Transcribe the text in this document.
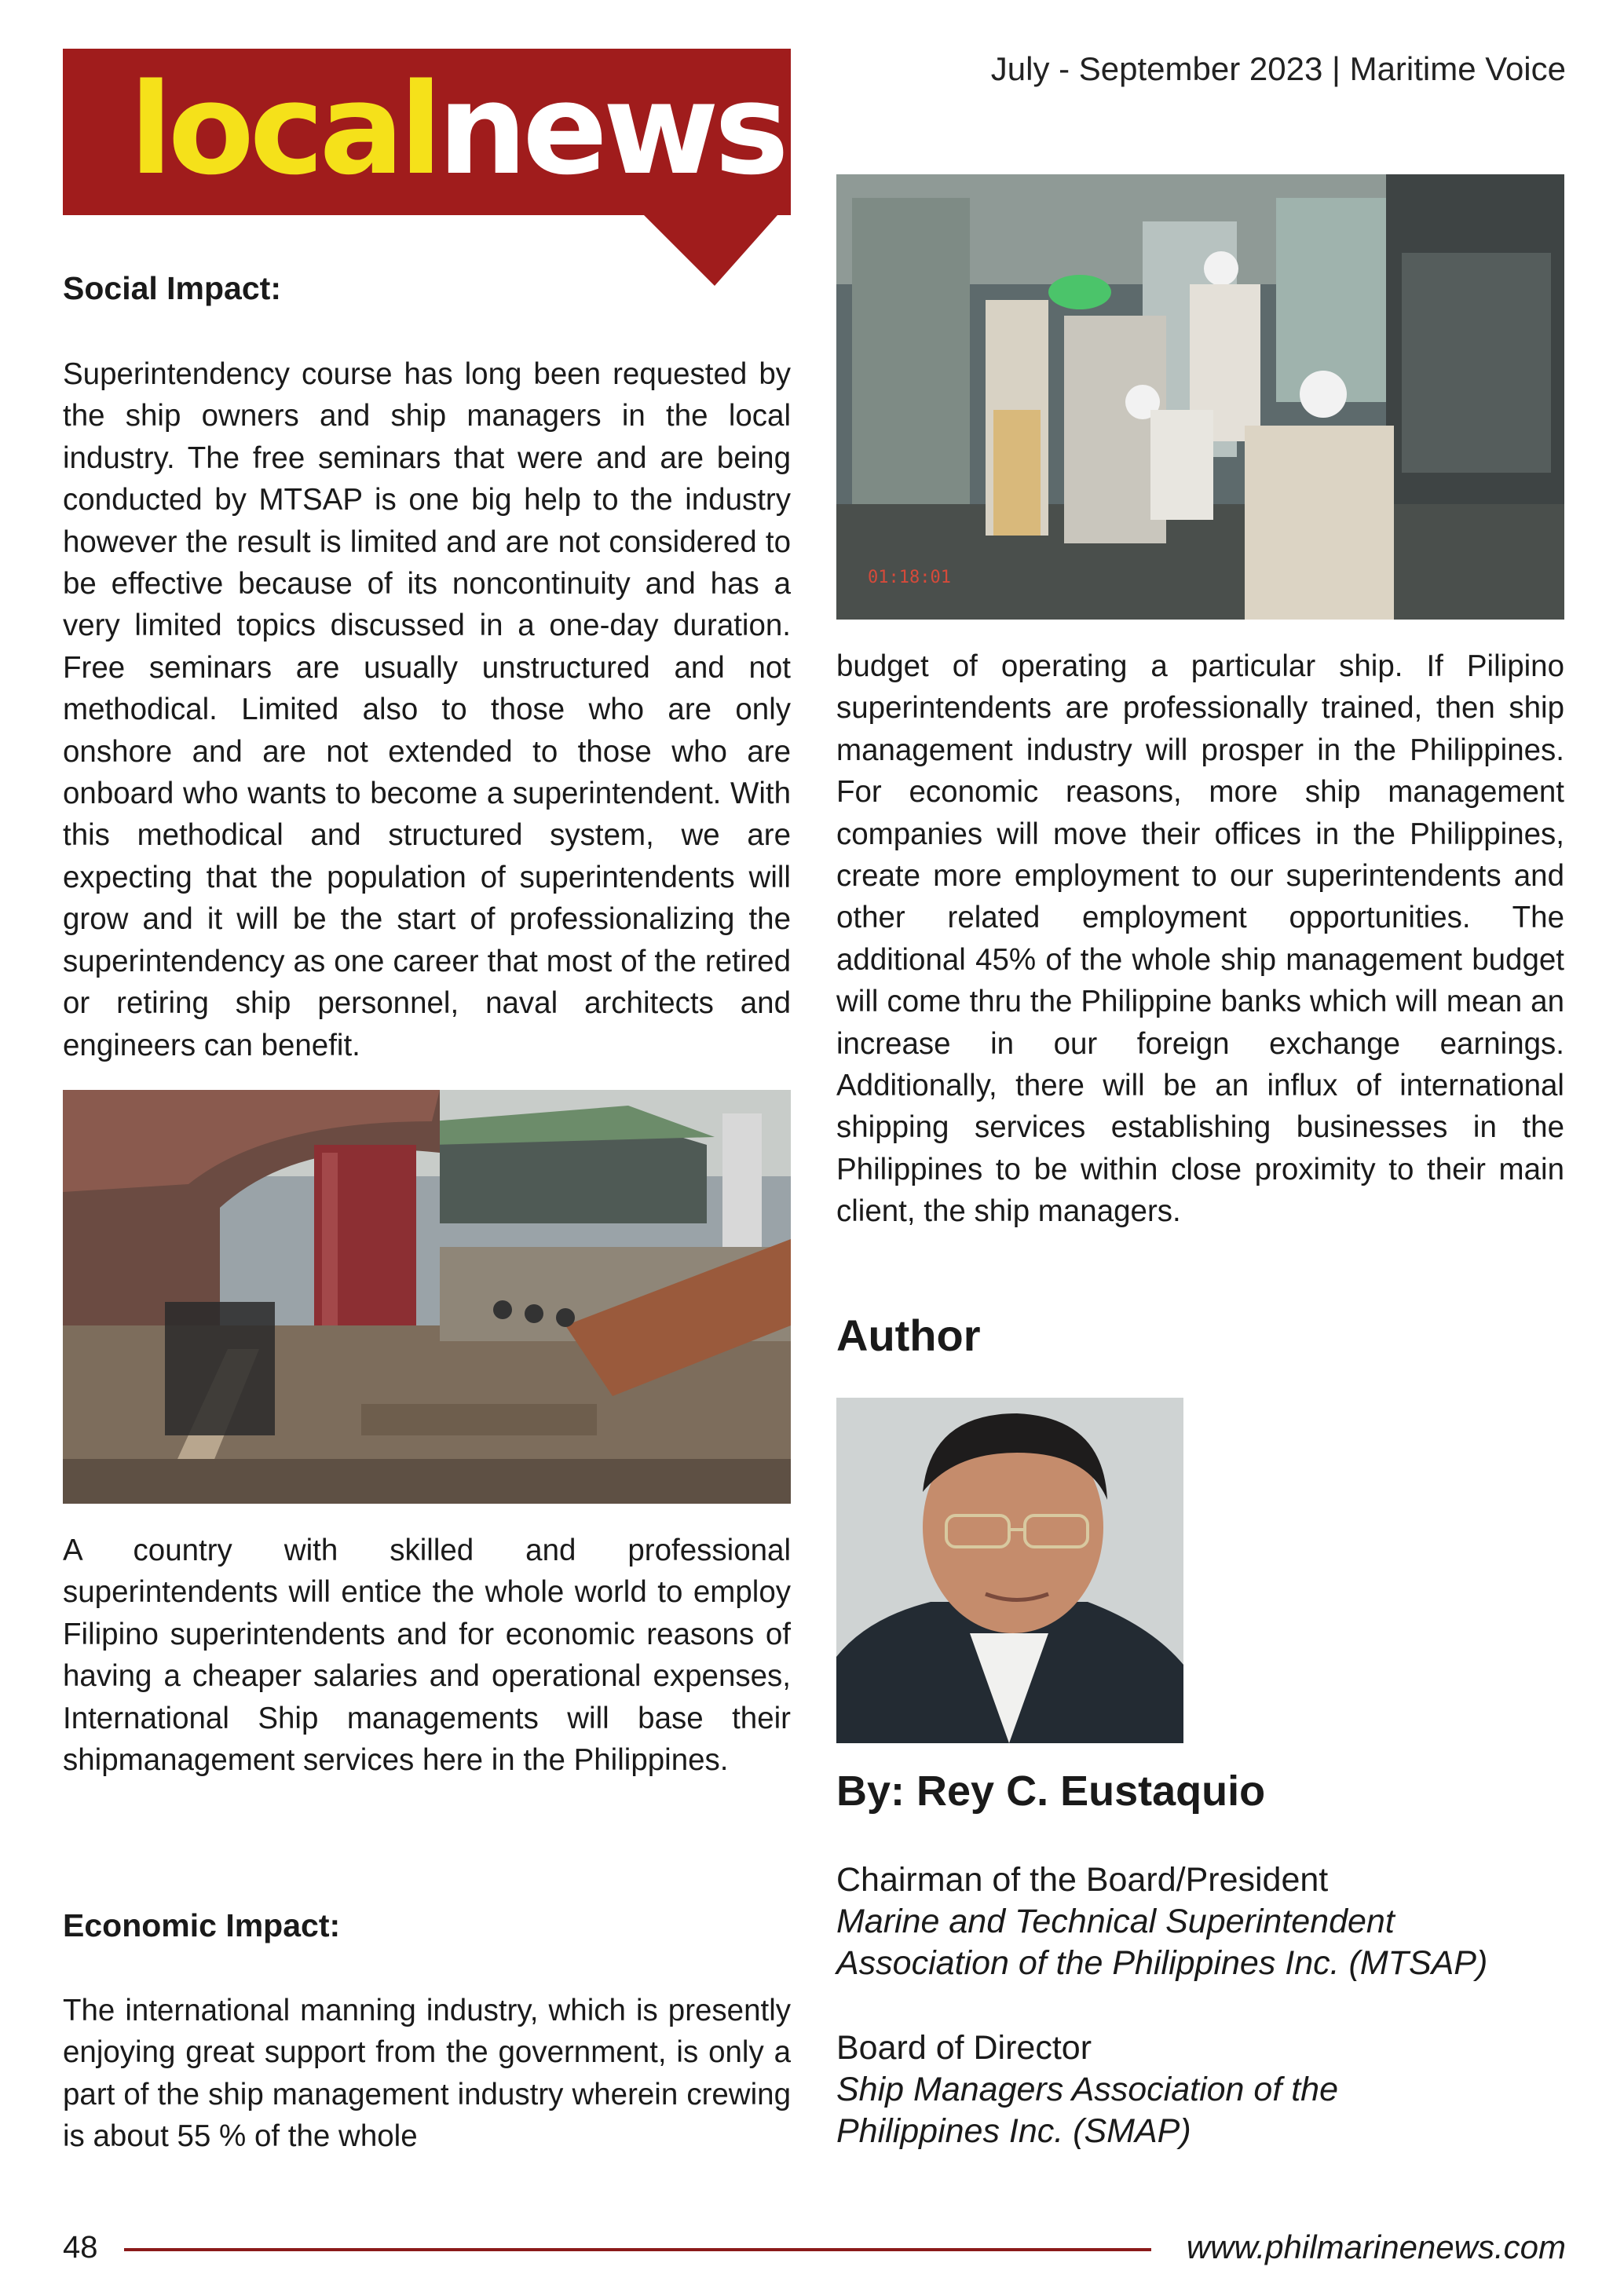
localnews	July - September 2023 | Maritime Voice
Social Impact:
Superintendency course has long been requested by the ship owners and ship managers in the local industry. The free seminars that were and are being conducted by MTSAP is one big help to the industry however the result is limited and are not considered to be effective because of its noncontinuity and has a very limited topics discussed in a one-day duration. Free seminars are usually unstructured and not methodical. Limited also to those who are only onshore and are not extended to those who are onboard who wants to become a superintendent. With this methodical and structured system, we are expecting that the population of superintendents will grow and it will be the start of professionalizing the superintendency as one career that most of the retired or retiring ship personnel, naval architects and engineers can benefit.
A country with skilled and professional superintendents will entice the whole world to employ Filipino superintendents and for economic reasons of having a cheaper salaries and operational expenses, International Ship managements will base their shipmanagement services here in the Philippines.
Economic Impact:
The international manning industry, which is presently enjoying great support from the government, is only a part of the ship management industry wherein crewing is about 55 % of the whole
01:18:01
budget of operating a particular ship. If Pilipino superintendents are professionally trained, then ship management industry will prosper in the Philippines. For economic reasons, more ship management companies will move their offices in the Philippines, create more employment to our superintendents and other related employment opportunities. The additional 45% of the whole ship management budget will come thru the Philippine banks which will mean an increase in our foreign exchange earnings. Additionally, there will be an influx of international shipping services establishing businesses in the Philippines to be within close proximity to their main client, the ship managers.
Author
By: Rey C. Eustaquio
Chairman of the Board/President
Marine and Technical Superintendent
Association of the Philippines Inc. (MTSAP)
Board of Director
Ship Managers Association of the
Philippines Inc. (SMAP)
48	www.philmarinenews.com
